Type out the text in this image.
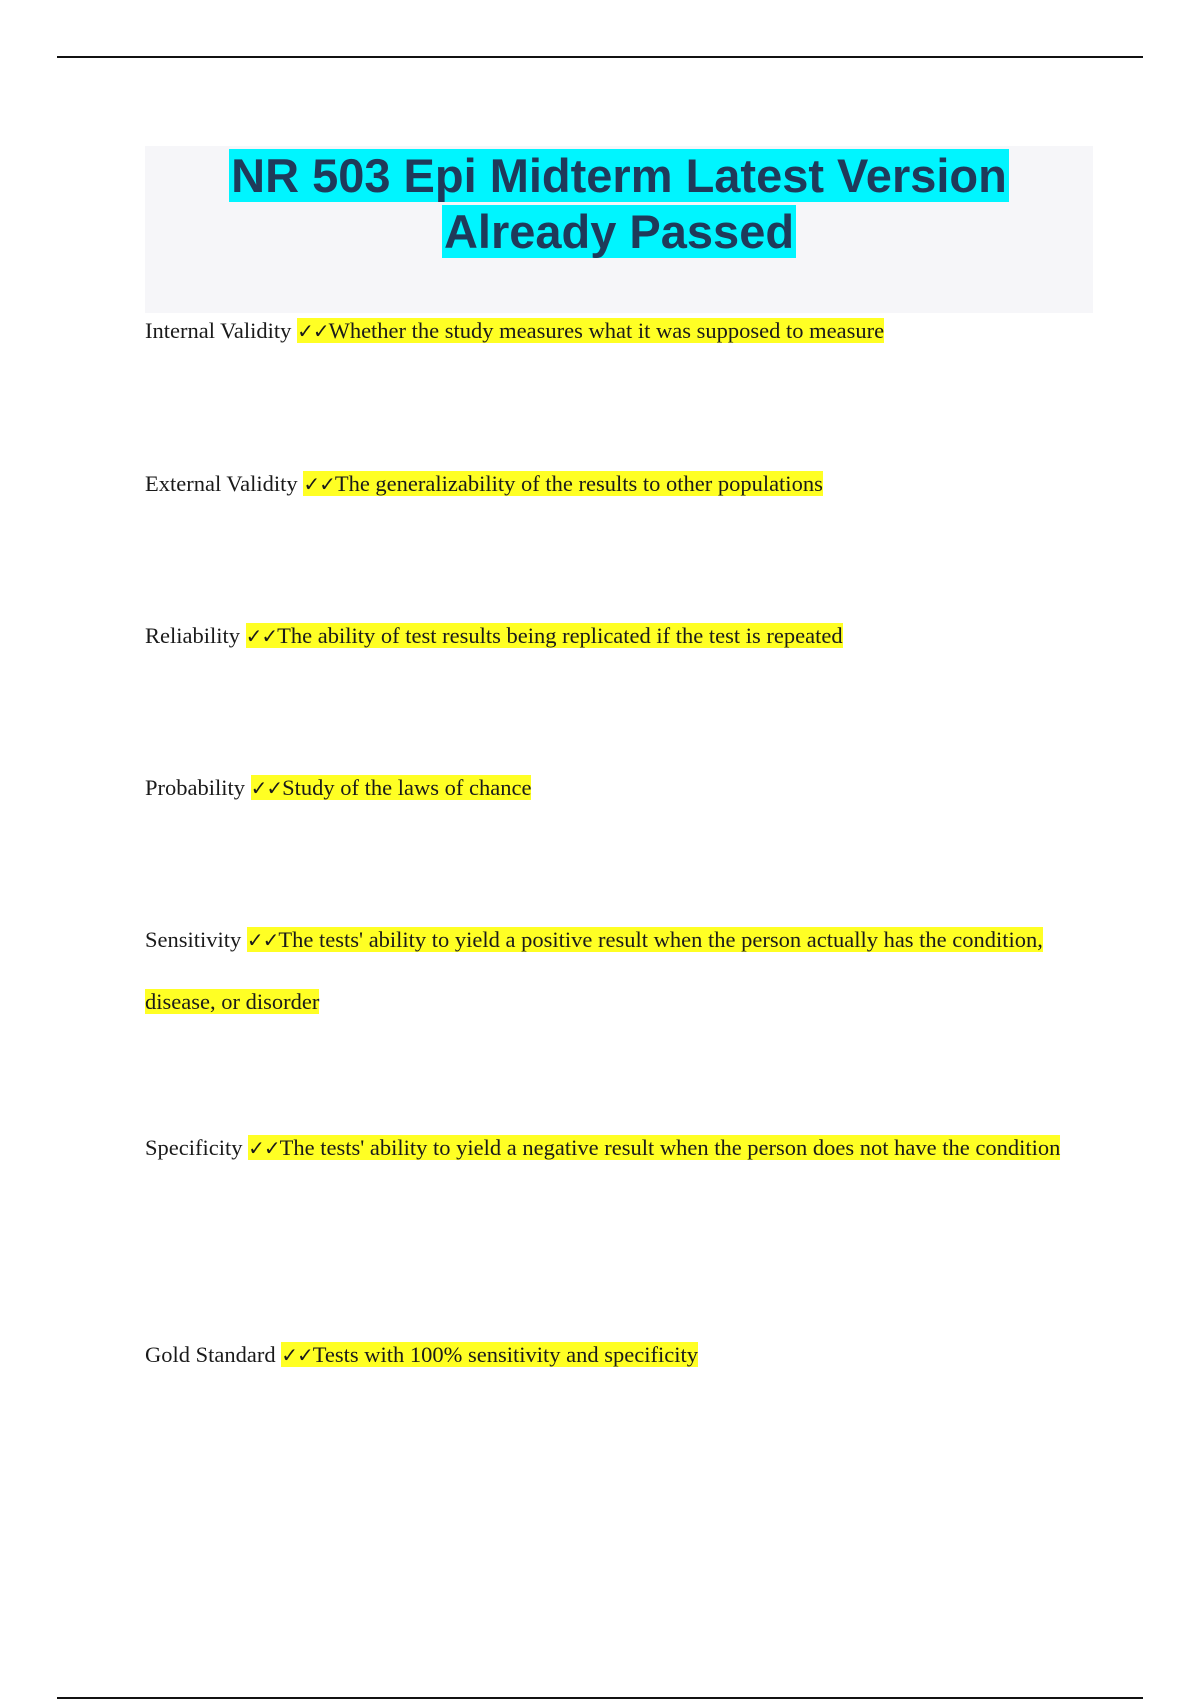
NR 503 Epi Midterm Latest Version
Already Passed

Internal Validity ✓✓Whether the study measures what it was supposed to measure

External Validity ✓✓The generalizability of the results to other populations

Reliability ✓✓The ability of test results being replicated if the test is repeated

Probability ✓✓Study of the laws of chance

Sensitivity ✓✓The tests' ability to yield a positive result when the person actually has the condition, disease, or disorder

Specificity ✓✓The tests' ability to yield a negative result when the person does not have the condition

Gold Standard ✓✓Tests with 100% sensitivity and specificity
